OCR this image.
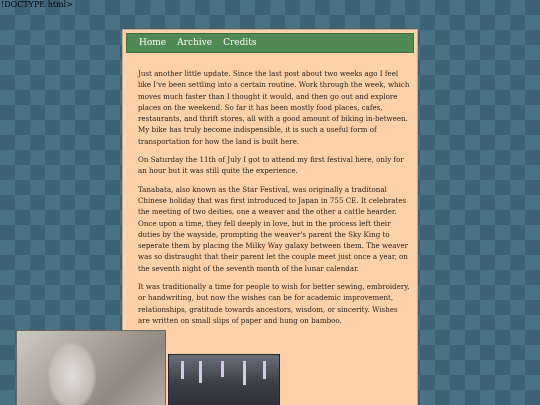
!DOCTYPE html>
Home Archive Credits

Just another little update. Since the last post about two weeks ago I feel like I've been settling into a certain routine. Work through the week, which moves much faster than I thought it would, and then go out and explore places on the weekend. So far it has been mostly food places, cafes, restaurants, and thrift stores, all with a good amount of biking in-between. My bike has truly become indispensible, it is such a useful form of transportation for how the land is built here.

On Saturday the 11th of July I got to attend my first festival here, only for an hour but it was still quite the experience.

Tanabata, also known as the Star Festival, was originally a traditonal Chinese holiday that was first introduced to Japan in 755 CE. It celebrates the meeting of two deities, one a weaver and the other a cattle hearder. Once upon a time, they fell deeply in love, but in the process left their duties by the wayside, prompting the weaver's parent the Sky King to seperate them by placing the Milky Way galaxy between them. The weaver was so distraught that their parent let the couple meet just once a year, on the seventh night of the seventh month of the lunar calendar.

It was traditionally a time for people to wish for better sewing, embroidery, or handwriting, but now the wishes can be for academic improvement, relationships, gratitude towards ancestors, wisdom, or sincerity. Wishes are written on small slips of paper and hung on bamboo.
